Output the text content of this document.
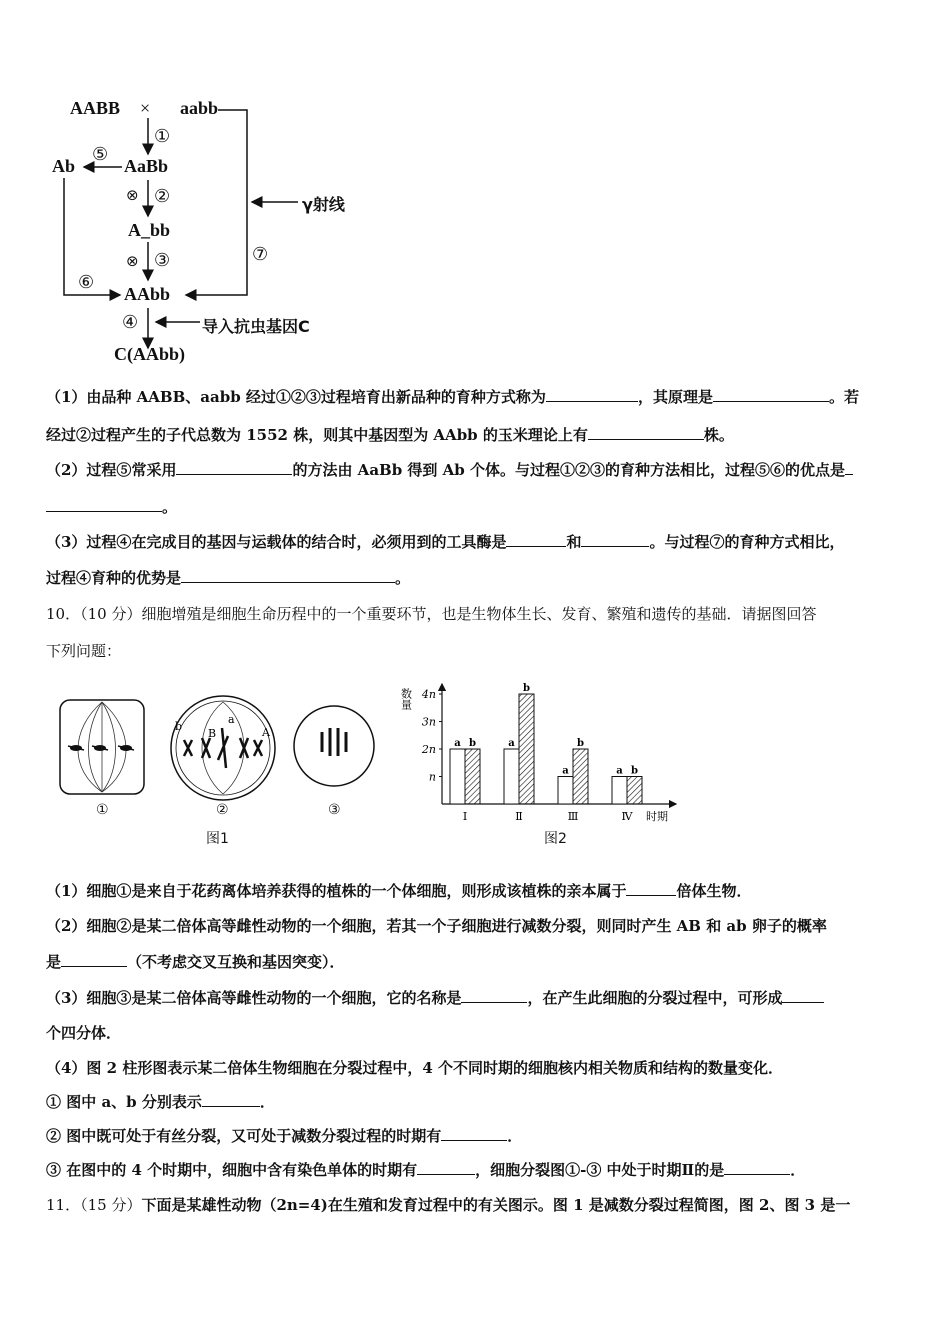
AABB × aabb
①
Ab
⑤
AaBb
⊗ ②	γ射线
A_bb
⊗ ③	⑦
⑥
AAbb
④	导入抗虫基因C
C(AAbb)
（1）由品种 AABB、aabb 经过①②③过程培育出新品种的育种方式称为	，其原理是	。若
经过②过程产生的子代总数为 1552 株，则其中基因型为 AAbb 的玉米理论上有	株。
（2）过程⑤常采用	的方法由 AaBb 得到 Ab 个体。与过程①②③的育种方法相比，过程⑤⑥的优点是
。
（3）过程④在完成目的基因与运载体的结合时，必须用到的工具酶是	和	。与过程⑦的育种方式相比，
过程④育种的优势是	。
10．（10 分）细胞增殖是细胞生命历程中的一个重要环节，也是生物体生长、发育、繁殖和遗传的基础．请据图回答
下列问题：
b
B
a
A
①	②	③
图1
数量
n
2n
3n
4n
a b
Ⅰ
a
b
Ⅱ
a
b
Ⅲ
a b
Ⅳ 时期
图2
（1）细胞①是来自于花药离体培养获得的植株的一个体细胞，则形成该植株的亲本属于	倍体生物．
（2）细胞②是某二倍体高等雌性动物的一个细胞，若其一个子细胞进行减数分裂，则同时产生 AB 和 ab 卵子的概率
是	（不考虑交叉互换和基因突变）．
（3）细胞③是某二倍体高等雌性动物的一个细胞，它的名称是	，在产生此细胞的分裂过程中，可形成
个四分体．
（4）图 2 柱形图表示某二倍体生物细胞在分裂过程中，4 个不同时期的细胞核内相关物质和结构的数量变化．
① 图中 a、b 分别表示	．
② 图中既可处于有丝分裂，又可处于减数分裂过程的时期有	．
③ 在图中的 4 个时期中，细胞中含有染色单体的时期有	，细胞分裂图①-③ 中处于时期Ⅱ的是	．
11．（15 分）下面是某雄性动物（2n=4)在生殖和发育过程中的有关图示。图 1 是减数分裂过程简图，图 2、图 3 是一
